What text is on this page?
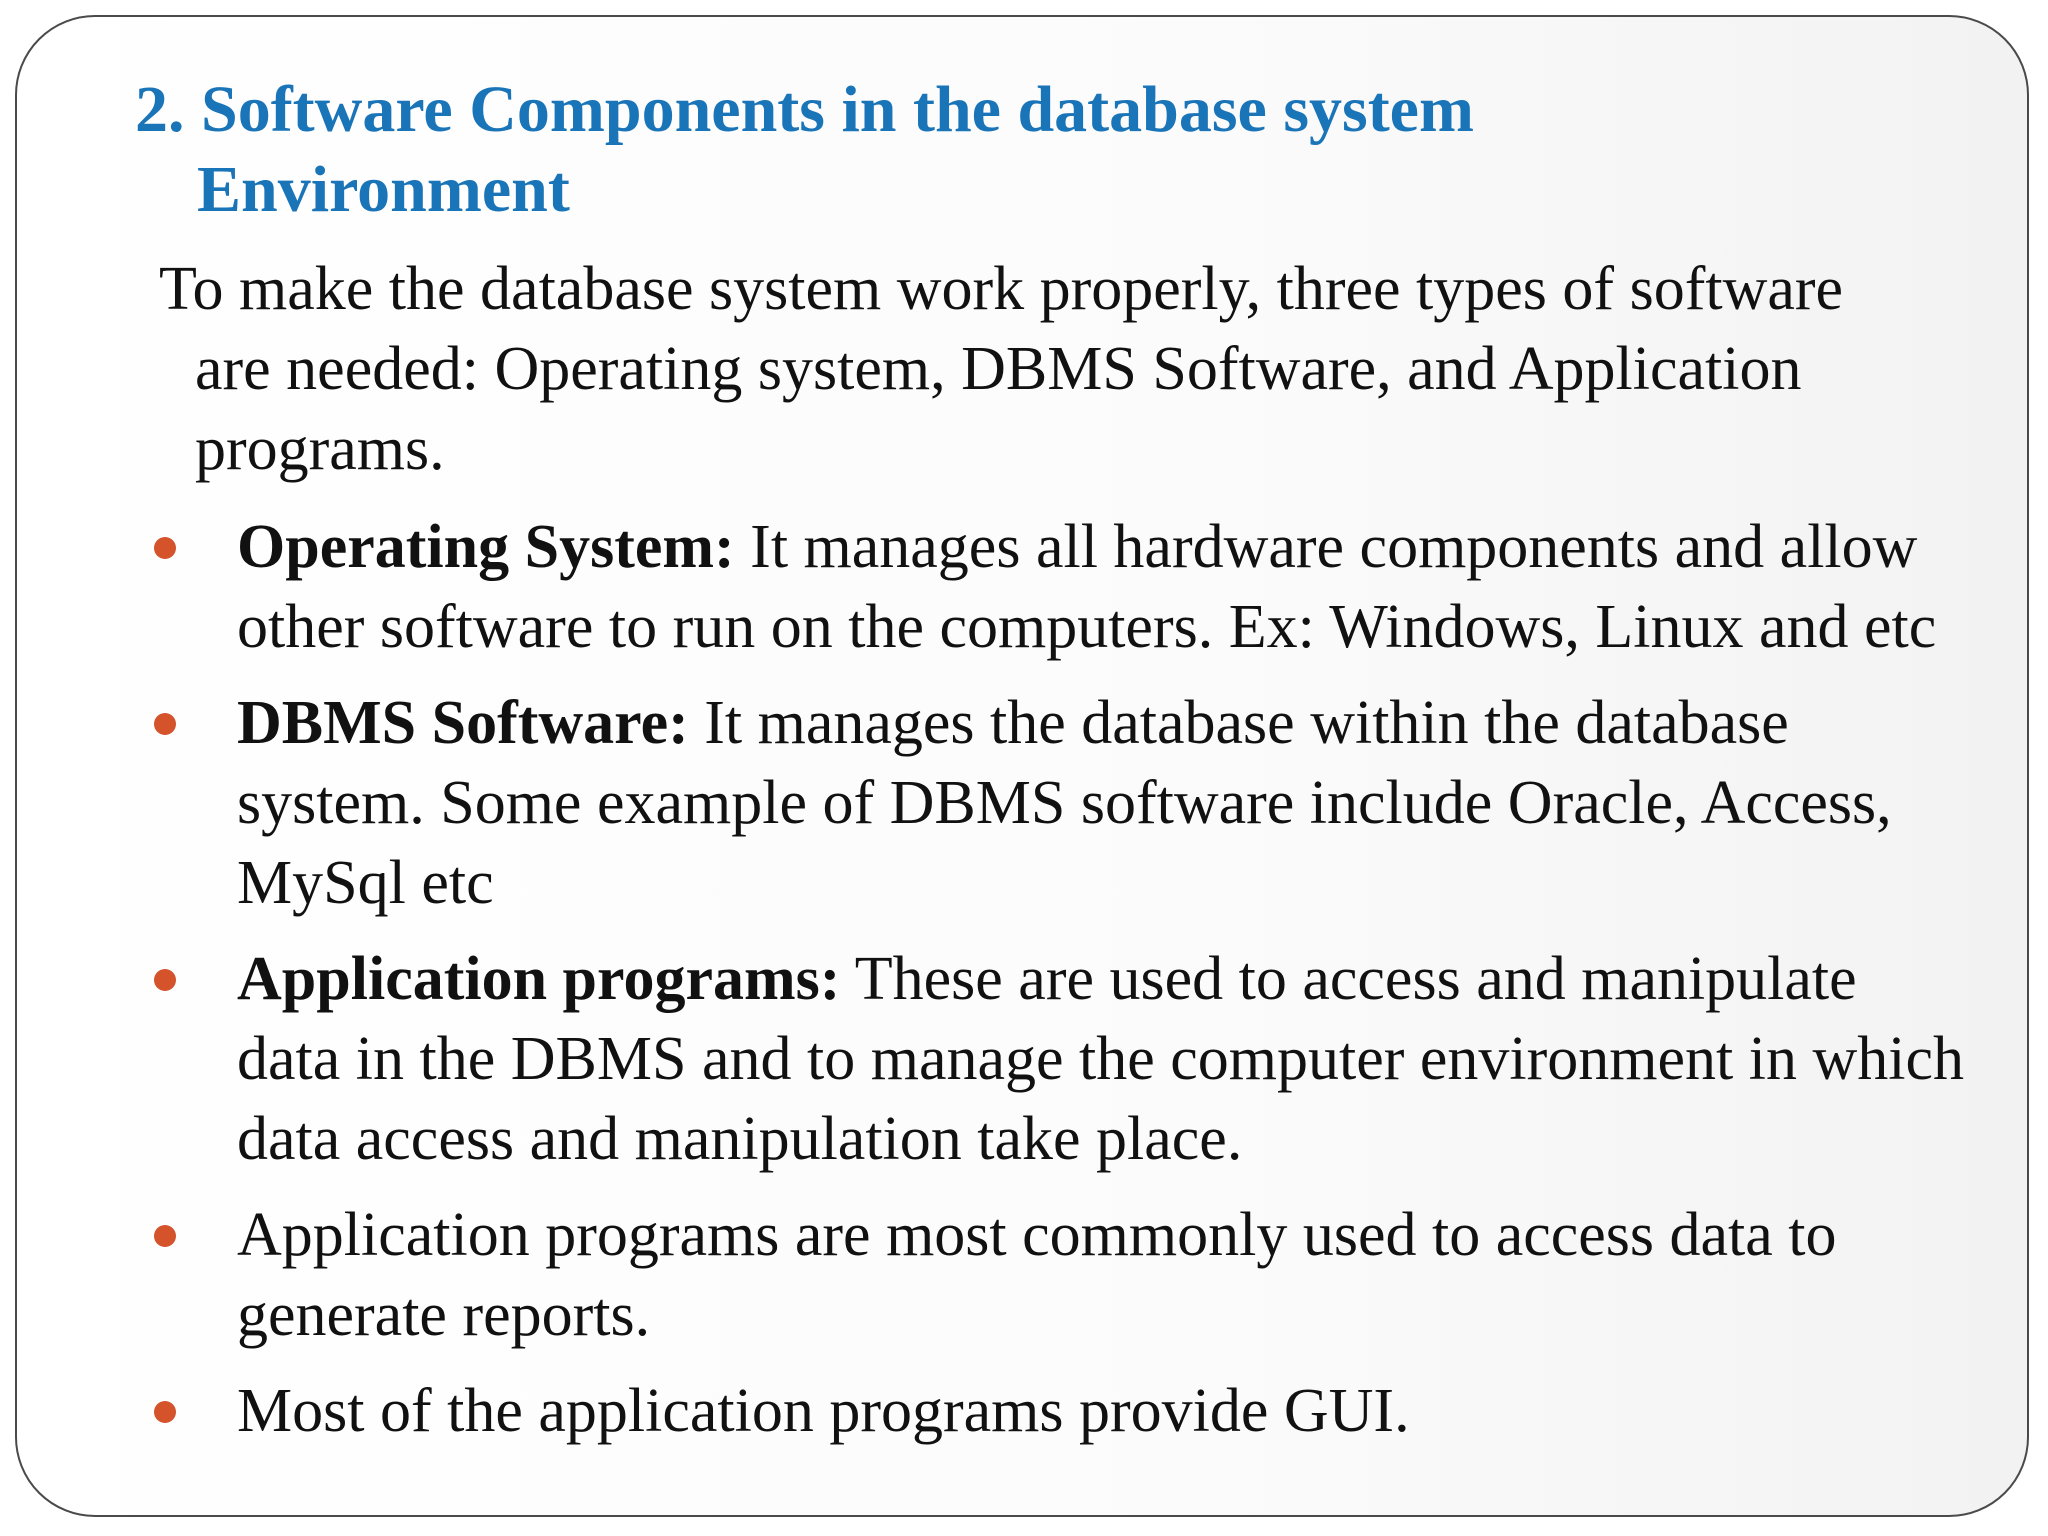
2. Software Components in the database system Environment

To make the database system work properly, three types of software are needed: Operating system, DBMS Software, and Application programs.

Operating System: It manages all hardware components and allow other software to run on the computers. Ex: Windows, Linux and etc
DBMS Software: It manages the database within the database system. Some example of DBMS software include Oracle, Access, MySql etc
Application programs: These are used to access and manipulate data in the DBMS and to manage the computer environment in which data access and manipulation take place.
Application programs are most commonly used to access data to generate reports.
Most of the application programs provide GUI.
